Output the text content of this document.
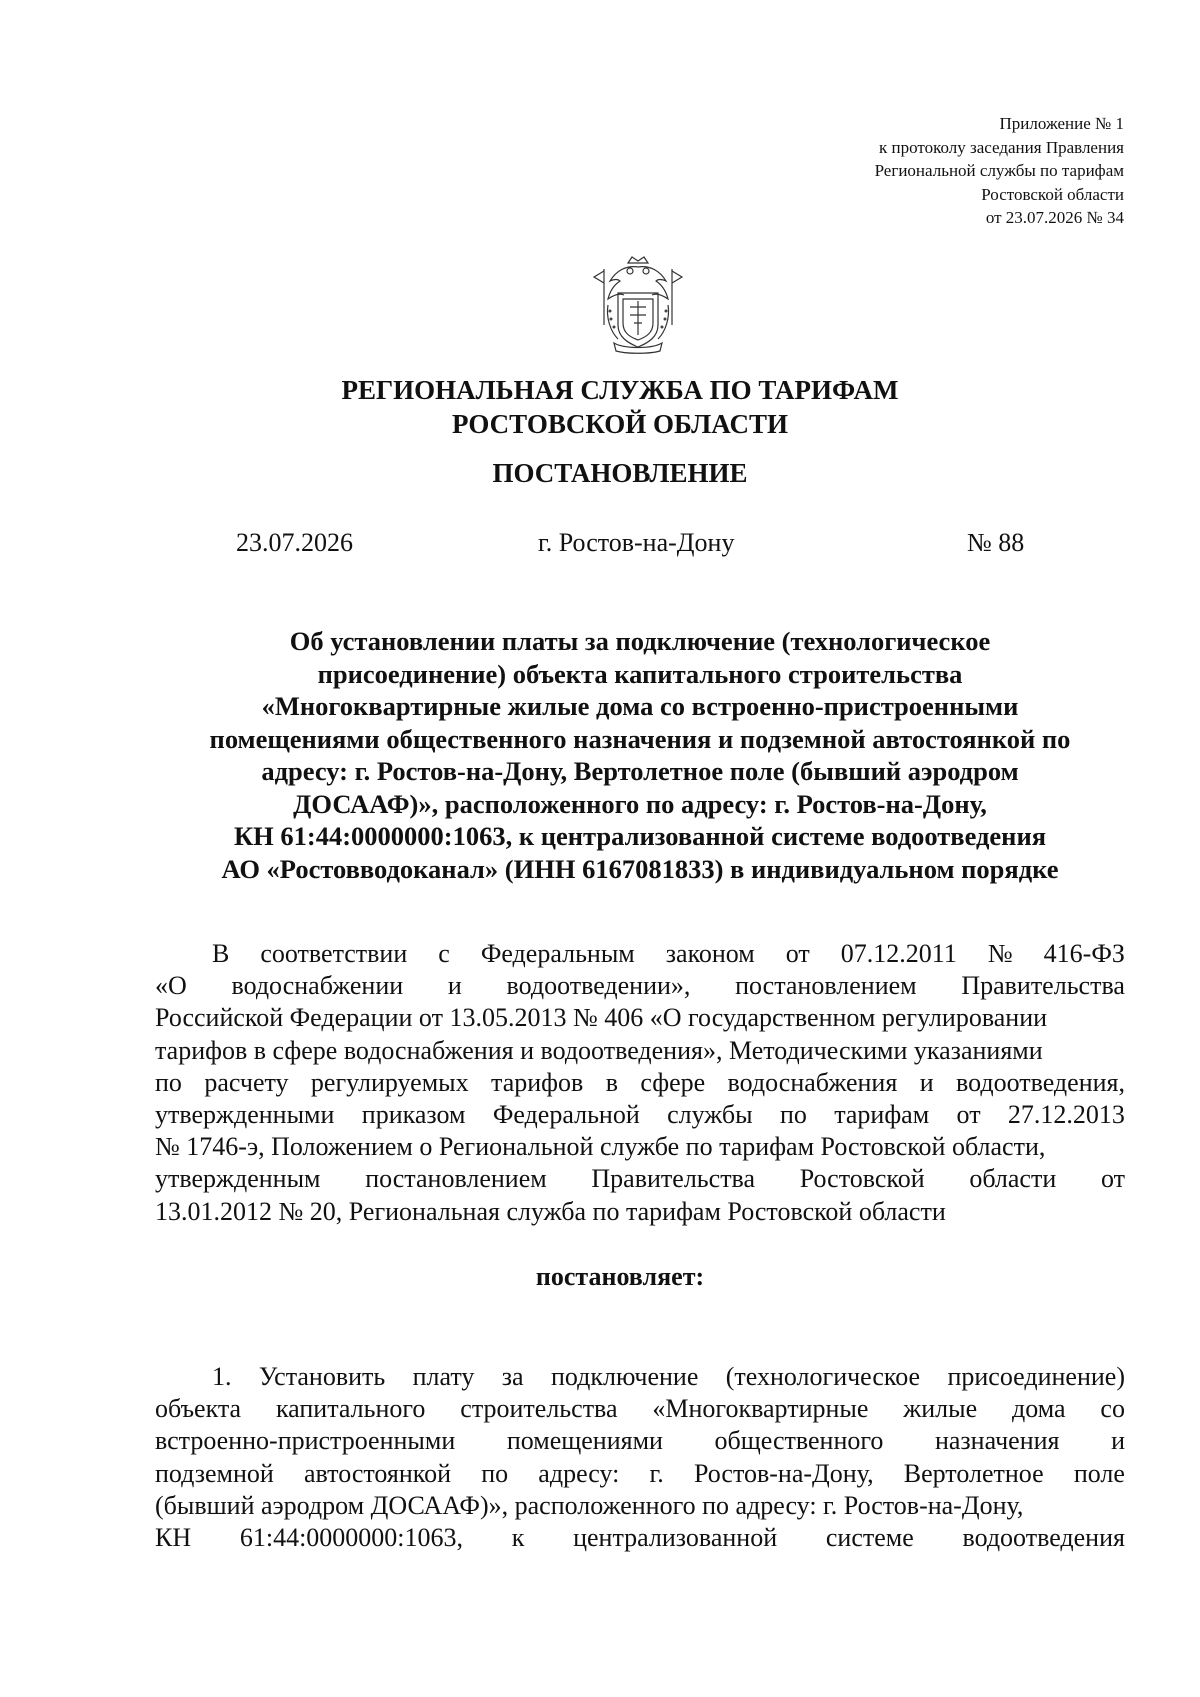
Приложение № 1
к протоколу заседания Правления
Региональной службы по тарифам
Ростовской области
от 23.07.2026 № 34
РЕГИОНАЛЬНАЯ СЛУЖБА ПО ТАРИФАМ
РОСТОВСКОЙ ОБЛАСТИ
ПОСТАНОВЛЕНИЕ
23.07.2026	г. Ростов-на-Дону	№ 88
Об установлении платы за подключение (технологическое
присоединение) объекта капитального строительства
«Многоквартирные жилые дома со встроенно-пристроенными
помещениями общественного назначения и подземной автостоянкой по
адресу: г. Ростов-на-Дону, Вертолетное поле (бывший аэродром
ДОСААФ)», расположенного по адресу: г. Ростов-на-Дону,
КН 61:44:0000000:1063, к централизованной системе водоотведения
АО «Ростовводоканал» (ИНН 6167081833) в индивидуальном порядке
В соответствии с Федеральным законом от 07.12.2011 № 416-ФЗ
«О водоснабжении и водоотведении», постановлением Правительства
Российской Федерации от 13.05.2013 № 406 «О государственном регулировании
тарифов в сфере водоснабжения и водоотведения», Методическими указаниями
по расчету регулируемых тарифов в сфере водоснабжения и водоотведения,
утвержденными приказом Федеральной службы по тарифам от 27.12.2013
№ 1746-э, Положением о Региональной службе по тарифам Ростовской области,
утвержденным постановлением Правительства Ростовской области от
13.01.2012 № 20, Региональная служба по тарифам Ростовской области
постановляет:
1. Установить плату за подключение (технологическое присоединение)
объекта капитального строительства «Многоквартирные жилые дома со
встроенно-пристроенными помещениями общественного назначения и
подземной автостоянкой по адресу: г. Ростов-на-Дону, Вертолетное поле
(бывший аэродром ДОСААФ)», расположенного по адресу: г. Ростов-на-Дону,
КН 61:44:0000000:1063, к централизованной системе водоотведения
